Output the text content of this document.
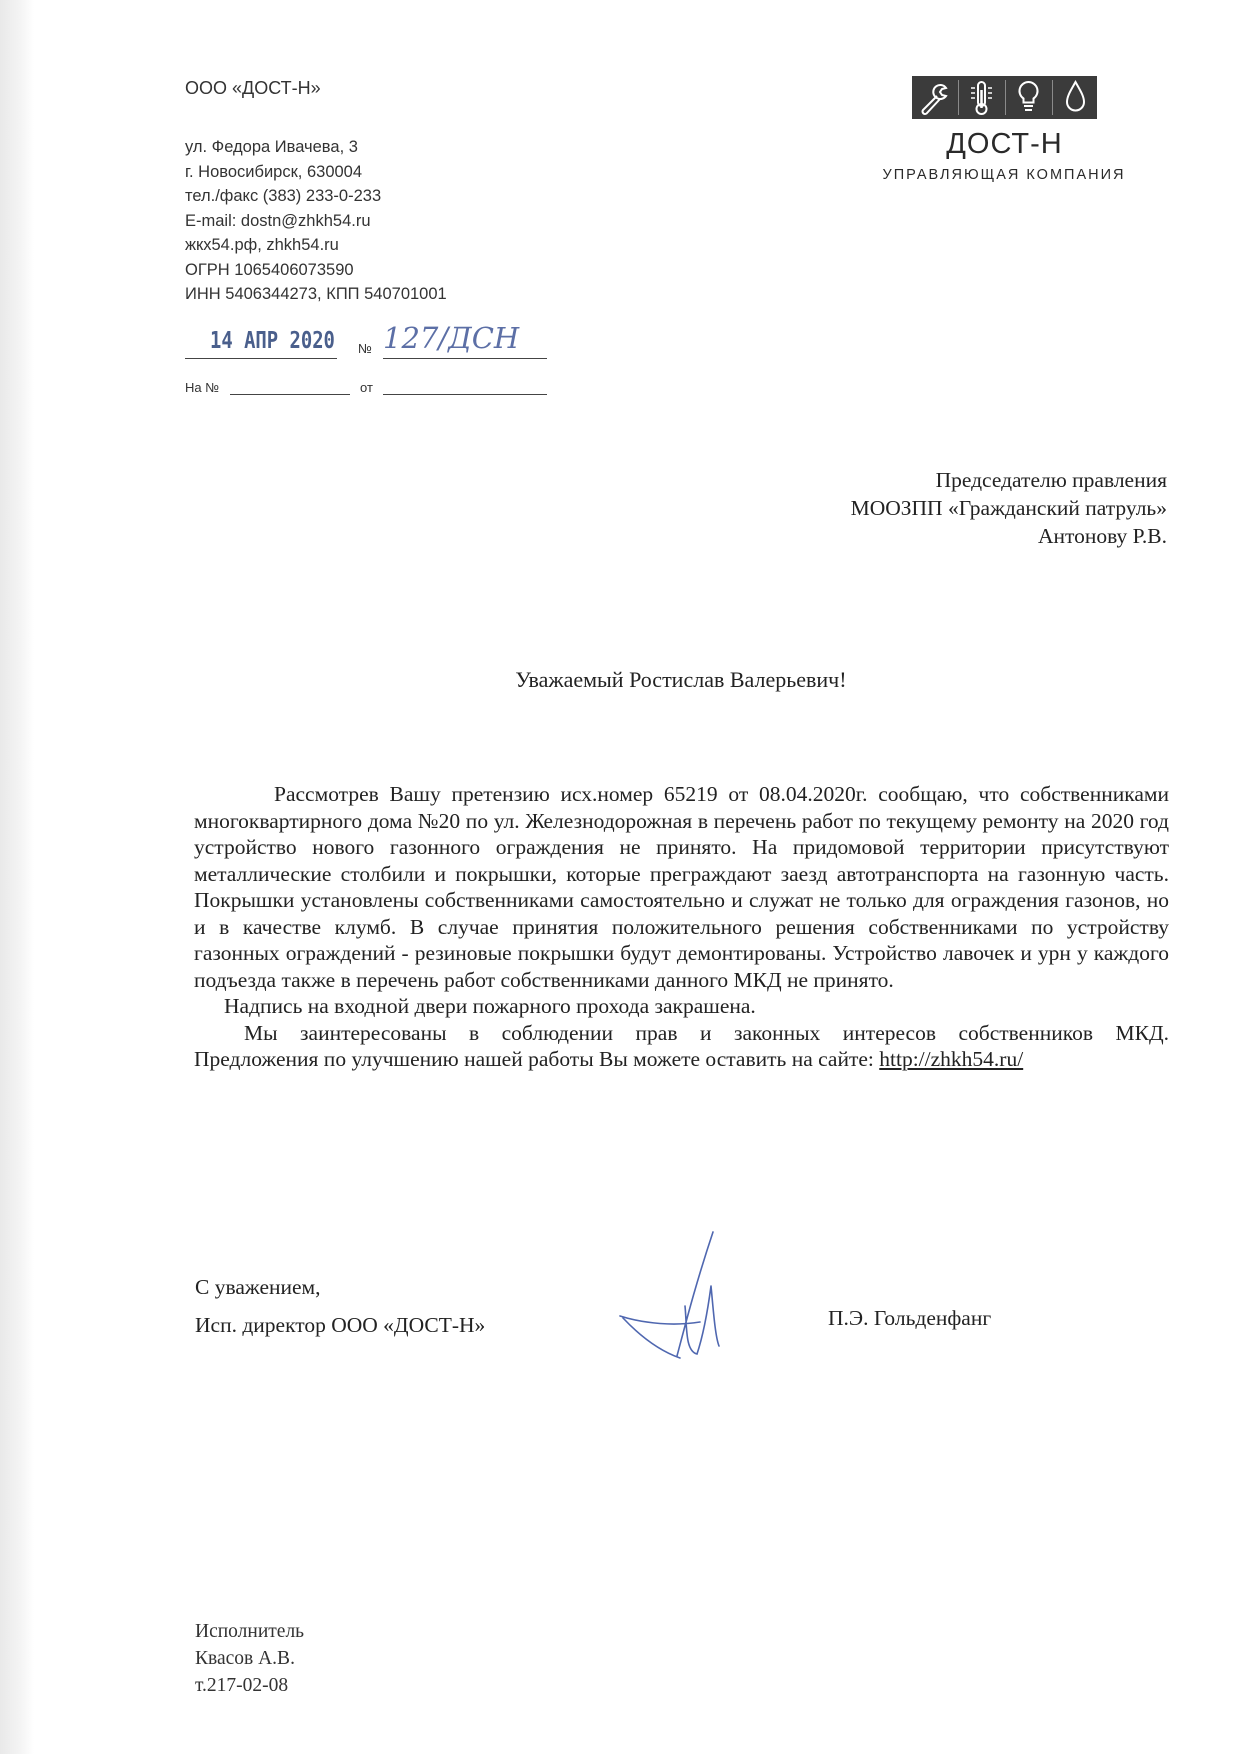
ООО «ДОСТ-Н»
ул. Федора Ивачева, 3
г. Новосибирск, 630004
тел./факс (383) 233-0-233
E-mail: dostn@zhkh54.ru
жкх54.рф, zhkh54.ru
ОГРН 1065406073590
ИНН 5406344273, КПП 540701001
14 АПР 2020 № 127/ДСН
На №	от
ДОСТ-Н
УПРАВЛЯЮЩАЯ КОМПАНИЯ
Председателю правления
МООЗПП «Гражданский патруль»
Антонову Р.В.
Уважаемый Ростислав Валерьевич!

Рассмотрев Вашу претензию исх.номер 65219 от 08.04.2020г. сообщаю, что собственниками многоквартирного дома №20 по ул. Железнодорожная в перечень работ по текущему ремонту на 2020 год устройство нового газонного ограждения не принято. На придомовой территории присутствуют металлические столбили и покрышки, которые преграждают заезд автотранспорта на газонную часть. Покрышки установлены собственниками самостоятельно и служат не только для ограждения газонов, но и в качестве клумб. В случае принятия положительного решения собственниками по устройству газонных ограждений - резиновые покрышки будут демонтированы. Устройство лавочек и урн у каждого подъезда также в перечень работ собственниками данного МКД не принято.

Надпись на входной двери пожарного прохода закрашена.

Мы заинтересованы в соблюдении прав и законных интересов собственников МКД.

Предложения по улучшению нашей работы Вы можете оставить на сайте: http://zhkh54.ru/

С уважением,
Исп. директор ООО «ДОСТ-Н»	П.Э. Гольденфанг
Исполнитель
Квасов А.В.
т.217-02-08
